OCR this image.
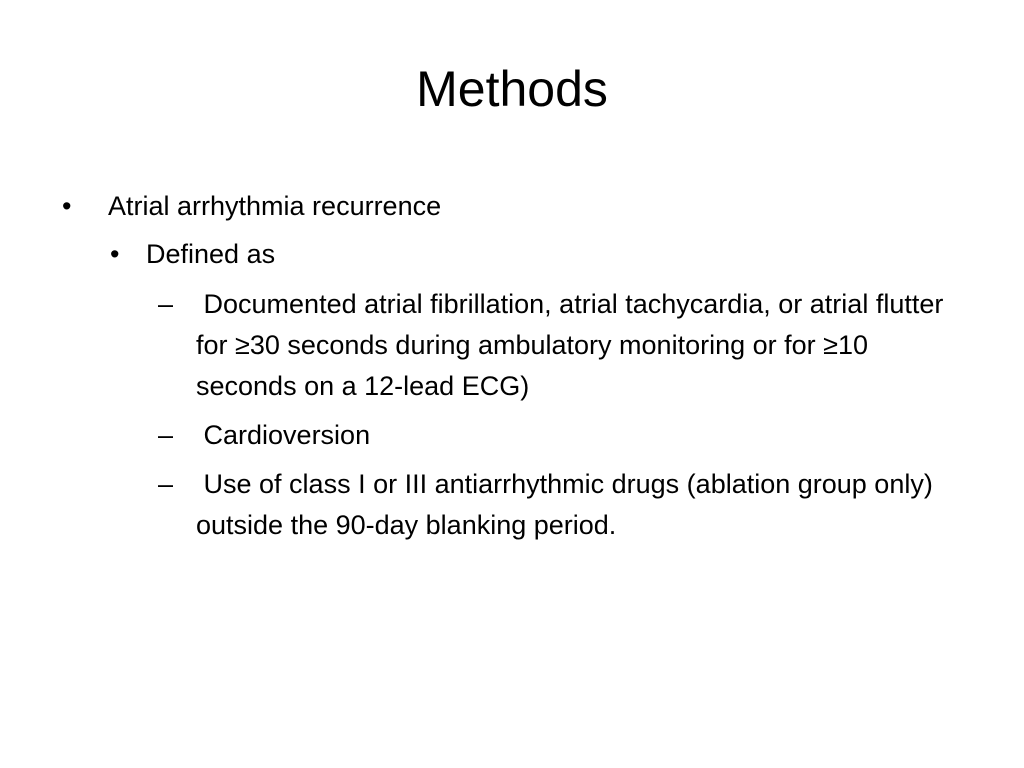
Methods
• Atrial arrhythmia recurrence
• Defined as
– Documented atrial fibrillation, atrial tachycardia, or atrial flutter for ≥30 seconds during ambulatory monitoring or for ≥10 seconds on a 12-lead ECG)
– Cardioversion
– Use of class I or III antiarrhythmic drugs (ablation group only) outside the 90-day blanking period.
